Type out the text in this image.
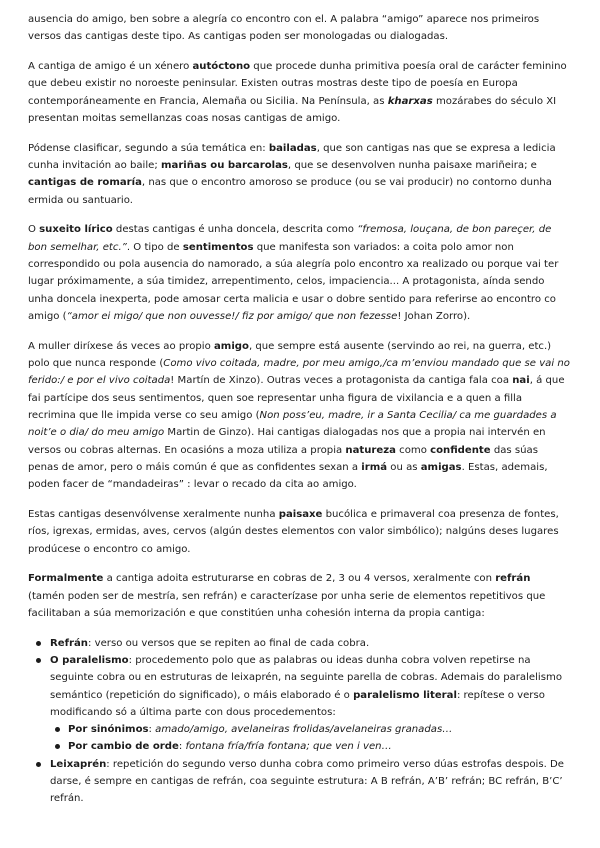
ausencia do amigo, ben sobre a alegría co encontro con el. A palabra “amigo” aparece nos primeiros versos das cantigas deste tipo. As cantigas poden ser monologadas ou dialogadas.

A cantiga de amigo é un xénero autóctono que procede dunha primitiva poesía oral de carácter feminino que debeu existir no noroeste peninsular. Existen outras mostras deste tipo de poesía en Europa contemporáneamente en Francia, Alemaña ou Sicilia. Na Península, as kharxas mozárabes do século XI presentan moitas semellanzas coas nosas cantigas de amigo.

Pódense clasificar, segundo a súa temática en: bailadas, que son cantigas nas que se expresa a ledicia cunha invitación ao baile; mariñas ou barcarolas, que se desenvolven nunha paisaxe mariñeira; e cantigas de romaría, nas que o encontro amoroso se produce (ou se vai producir) no contorno dunha ermida ou santuario.

O suxeito lírico destas cantigas é unha doncela, descrita como “fremosa, louçana, de bon pareçer, de bon semelhar, etc.”. O tipo de sentimentos que manifesta son variados: a coita polo amor non correspondido ou pola ausencia do namorado, a súa alegría polo encontro xa realizado ou porque vai ter lugar próximamente, a súa timidez, arrepentimento, celos, impaciencia... A protagonista, aínda sendo unha doncela inexperta, pode amosar certa malicia e usar o dobre sentido para referirse ao encontro co amigo (“amor ei migo/ que non ouvesse!/ fiz por amigo/ que non fezesse! Johan Zorro).

A muller diríxese ás veces ao propio amigo, que sempre está ausente (servindo ao rei, na guerra, etc.) polo que nunca responde (Como vivo coitada, madre, por meu amigo,/ca m’enviou mandado que se vai no ferido:/ e por el vivo coitada! Martín de Xinzo). Outras veces a protagonista da cantiga fala coa nai, á que fai partícipe dos seus sentimentos, quen soe representar unha figura de vixilancia e a quen a filla recrimina que lle impida verse co seu amigo (Non poss’eu, madre, ir a Santa Cecilia/ ca me guardades a noit’e o dia/ do meu amigo Martin de Ginzo). Hai cantigas dialogadas nos que a propia nai intervén en versos ou cobras alternas. En ocasións a moza utiliza a propia natureza como confidente das súas penas de amor, pero o máis común é que as confidentes sexan a irmá ou as amigas. Estas, ademais, poden facer de “mandadeiras” : levar o recado da cita ao amigo.

Estas cantigas desenvólvense xeralmente nunha paisaxe bucólica e primaveral coa presenza de fontes, ríos, igrexas, ermidas, aves, cervos (algún destes elementos con valor simbólico); nalgúns deses lugares prodúcese o encontro co amigo.

Formalmente a cantiga adoita estruturarse en cobras de 2, 3 ou 4 versos, xeralmente con refrán (tamén poden ser de mestría, sen refrán) e caracterízase por unha serie de elementos repetitivos que facilitaban a súa memorización e que constitúen unha cohesión interna da propia cantiga:

Refrán: verso ou versos que se repiten ao final de cada cobra.
O paralelismo: procedemento polo que as palabras ou ideas dunha cobra volven repetirse na seguinte cobra ou en estruturas de leixaprén, na seguinte parella de cobras. Ademais do paralelismo semántico (repetición do significado), o máis elaborado é o paralelismo literal: repítese o verso modificando só a última parte con dous procedementos:
Por sinónimos: amado/amigo, avelaneiras frolidas/avelaneiras granadas…
Por cambio de orde: fontana fría/fría fontana; que ven i ven…
Leixaprén: repetición do segundo verso dunha cobra como primeiro verso dúas estrofas despois. De darse, é sempre en cantigas de refrán, coa seguinte estrutura: A B refrán, A’B’ refrán; BC refrán, B’C’ refrán.
